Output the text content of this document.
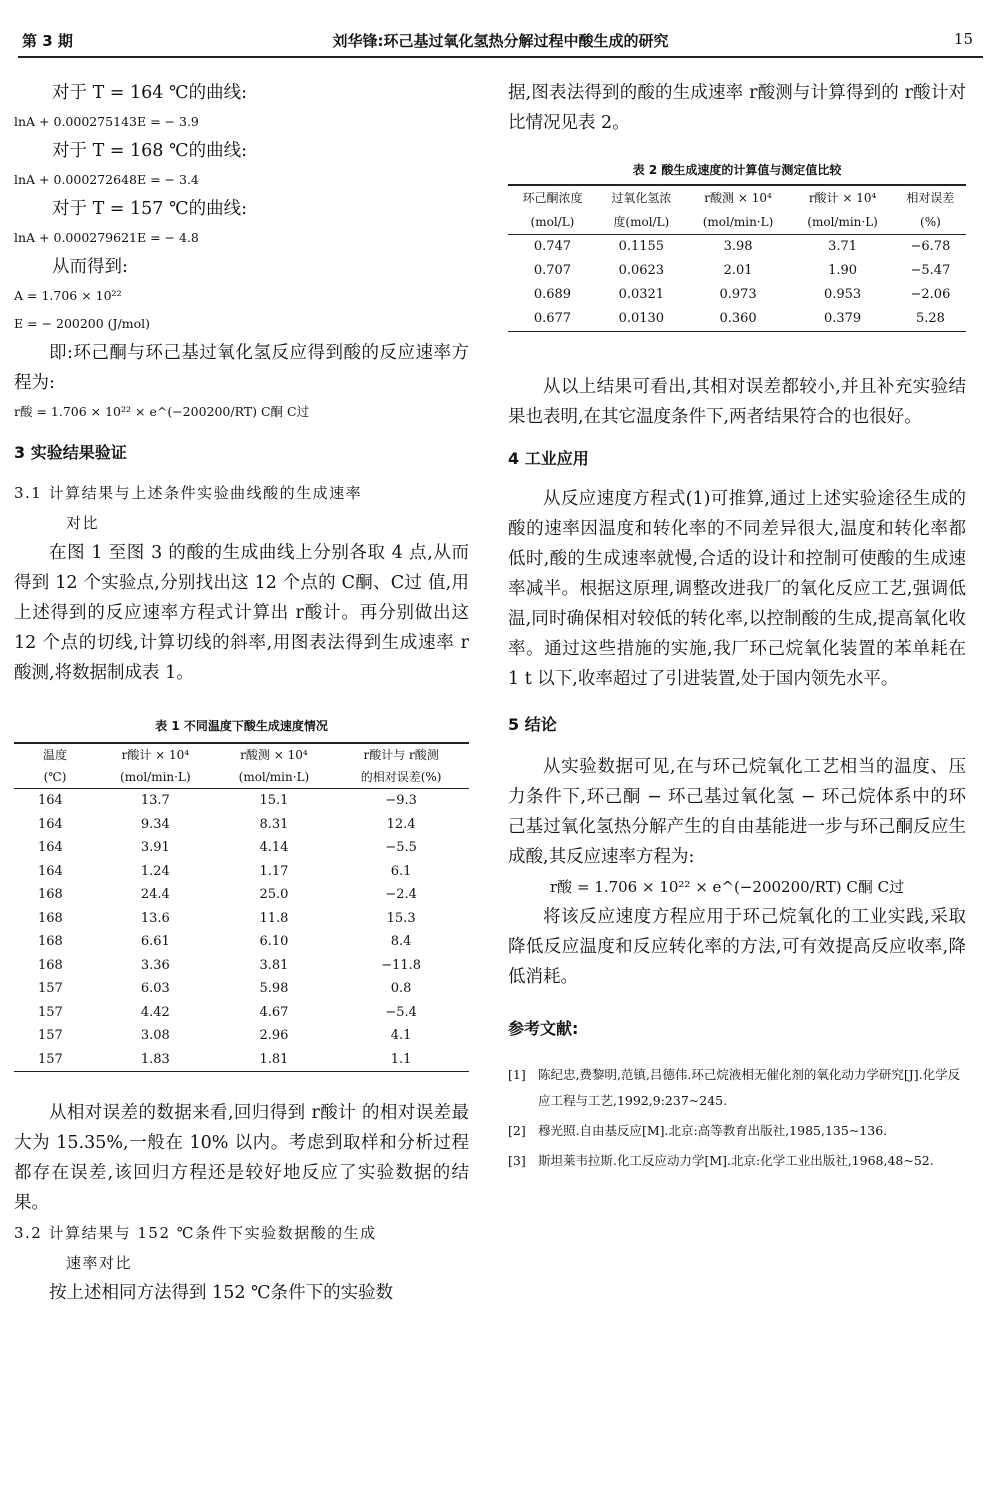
第 3 期	刘华锋:环己基过氧化氢热分解过程中酸生成的研究	15
对于 T = 164 ℃的曲线:
lnA + 0.000275143E = − 3.9
对于 T = 168 ℃的曲线:
lnA + 0.000272648E = − 3.4
对于 T = 157 ℃的曲线:
lnA + 0.000279621E = − 4.8
从而得到:
A = 1.706 × 10²²
E = − 200200 (J/mol)
即:环己酮与环己基过氧化氢反应得到酸的反应速率方程为:
r酸 = 1.706 × 10²² × e^(−200200/RT) C酮 C过
3 实验结果验证
3.1 计算结果与上述条件实验曲线酸的生成速率
对比
在图 1 至图 3 的酸的生成曲线上分别各取 4 点,从而得到 12 个实验点,分别找出这 12 个点的 C酮、C过 值,用上述得到的反应速率方程式计算出 r酸计。再分别做出这 12 个点的切线,计算切线的斜率,用图表法得到生成速率 r酸测,将数据制成表 1。
表 1 不同温度下酸生成速度情况
温度	r酸计 × 10⁴	r酸测 × 10⁴	r酸计与 r酸测
(℃)	(mol/min·L)	(mol/min·L)	的相对误差(%)
164	13.7	15.1	−9.3
164	9.34	8.31	12.4
164	3.91	4.14	−5.5
164	1.24	1.17	6.1
168	24.4	25.0	−2.4
168	13.6	11.8	15.3
168	6.61	6.10	8.4
168	3.36	3.81	−11.8
157	6.03	5.98	0.8
157	4.42	4.67	−5.4
157	3.08	2.96	4.1
157	1.83	1.81	1.1
从相对误差的数据来看,回归得到 r酸计 的相对误差最大为 15.35%,一般在 10% 以内。考虑到取样和分析过程都存在误差,该回归方程还是较好地反应了实验数据的结果。
3.2 计算结果与 152 ℃条件下实验数据酸的生成
速率对比
按上述相同方法得到 152 ℃条件下的实验数
据,图表法得到的酸的生成速率 r酸测与计算得到的 r酸计对比情况见表 2。
表 2 酸生成速度的计算值与测定值比较
环己酮浓度	过氧化氢浓	r酸测 × 10⁴	r酸计 × 10⁴	相对误差
(mol/L)	度(mol/L)	(mol/min·L)	(mol/min·L)	(%)
0.747	0.1155	3.98	3.71	−6.78
0.707	0.0623	2.01	1.90	−5.47
0.689	0.0321	0.973	0.953	−2.06
0.677	0.0130	0.360	0.379	5.28
从以上结果可看出,其相对误差都较小,并且补充实验结果也表明,在其它温度条件下,两者结果符合的也很好。
4 工业应用
从反应速度方程式(1)可推算,通过上述实验途径生成的酸的速率因温度和转化率的不同差异很大,温度和转化率都低时,酸的生成速率就慢,合适的设计和控制可使酸的生成速率减半。根据这原理,调整改进我厂的氧化反应工艺,强调低温,同时确保相对较低的转化率,以控制酸的生成,提高氧化收率。通过这些措施的实施,我厂环己烷氧化装置的苯单耗在 1 t 以下,收率超过了引进装置,处于国内领先水平。
5 结论
从实验数据可见,在与环己烷氧化工艺相当的温度、压力条件下,环己酮 − 环己基过氧化氢 − 环己烷体系中的环己基过氧化氢热分解产生的自由基能进一步与环己酮反应生成酸,其反应速率方程为:
r酸 = 1.706 × 10²² × e^(−200200/RT) C酮 C过
将该反应速度方程应用于环己烷氧化的工业实践,采取降低反应温度和反应转化率的方法,可有效提高反应收率,降低消耗。
参考文献:
[1] 陈纪忠,费黎明,范镇,吕德伟.环己烷液相无催化剂的氧化动力学研究[J].化学反应工程与工艺,1992,9:237~245.
[2] 穆光照.自由基反应[M].北京:高等教育出版社,1985,135~136.
[3] 斯坦莱韦拉斯.化工反应动力学[M].北京:化学工业出版社,1968,48~52.
